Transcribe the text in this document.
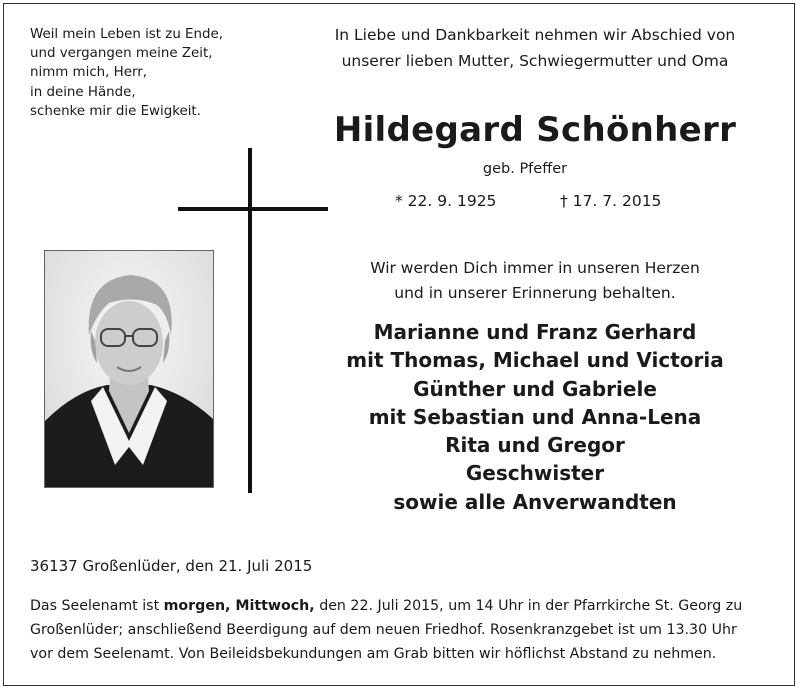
Weil mein Leben ist zu Ende,
und vergangen meine Zeit,
nimm mich, Herr,
in deine Hände,
schenke mir die Ewigkeit.
In Liebe und Dankbarkeit nehmen wir Abschied von
unserer lieben Mutter, Schwiegermutter und Oma
Hildegard Schönherr
geb. Pfeffer
* 22. 9. 1925	† 17. 7. 2015
Wir werden Dich immer in unseren Herzen
und in unserer Erinnerung behalten.
Marianne und Franz Gerhard
mit Thomas, Michael und Victoria
Günther und Gabriele
mit Sebastian und Anna-Lena
Rita und Gregor
Geschwister
sowie alle Anverwandten
36137 Großenlüder, den 21. Juli 2015
Das Seelenamt ist morgen, Mittwoch, den 22. Juli 2015, um 14 Uhr in der Pfarrkirche St. Georg zu
Großenlüder; anschließend Beerdigung auf dem neuen Friedhof. Rosenkranzgebet ist um 13.30 Uhr
vor dem Seelenamt. Von Beileidsbekundungen am Grab bitten wir höflichst Abstand zu nehmen.
